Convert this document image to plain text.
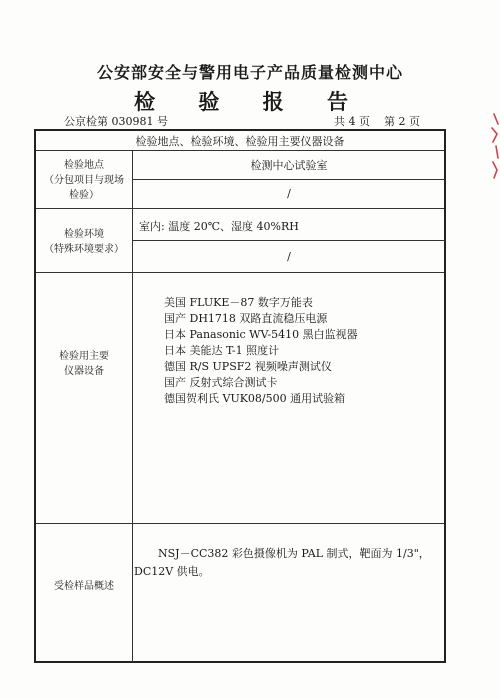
公安部安全与警用电子产品质量检测中心
检 验 报 告
公京检第 030981 号	共 4 页 第 2 页
检验地点、检验环境、检验用主要仪器设备
检验地点
（分包项目与现场
检验）
检测中心试验室
/
检验环境
（特殊环境要求）
室内: 温度 20℃、湿度 40%RH
/
检验用主要
仪器设备
美国 FLUKE－87 数字万能表
国产 DH1718 双路直流稳压电源
日本 Panasonic WV-5410 黑白监视器
日本 美能达 T-1 照度计
德国 R/S UPSF2 视频噪声测试仪
国产 反射式综合测试卡
德国贺利氏 VUK08/500 通用试验箱
受检样品概述
NSJ－CC382 彩色摄像机为 PAL 制式，靶面为 1/3"，DC12V 供电。
